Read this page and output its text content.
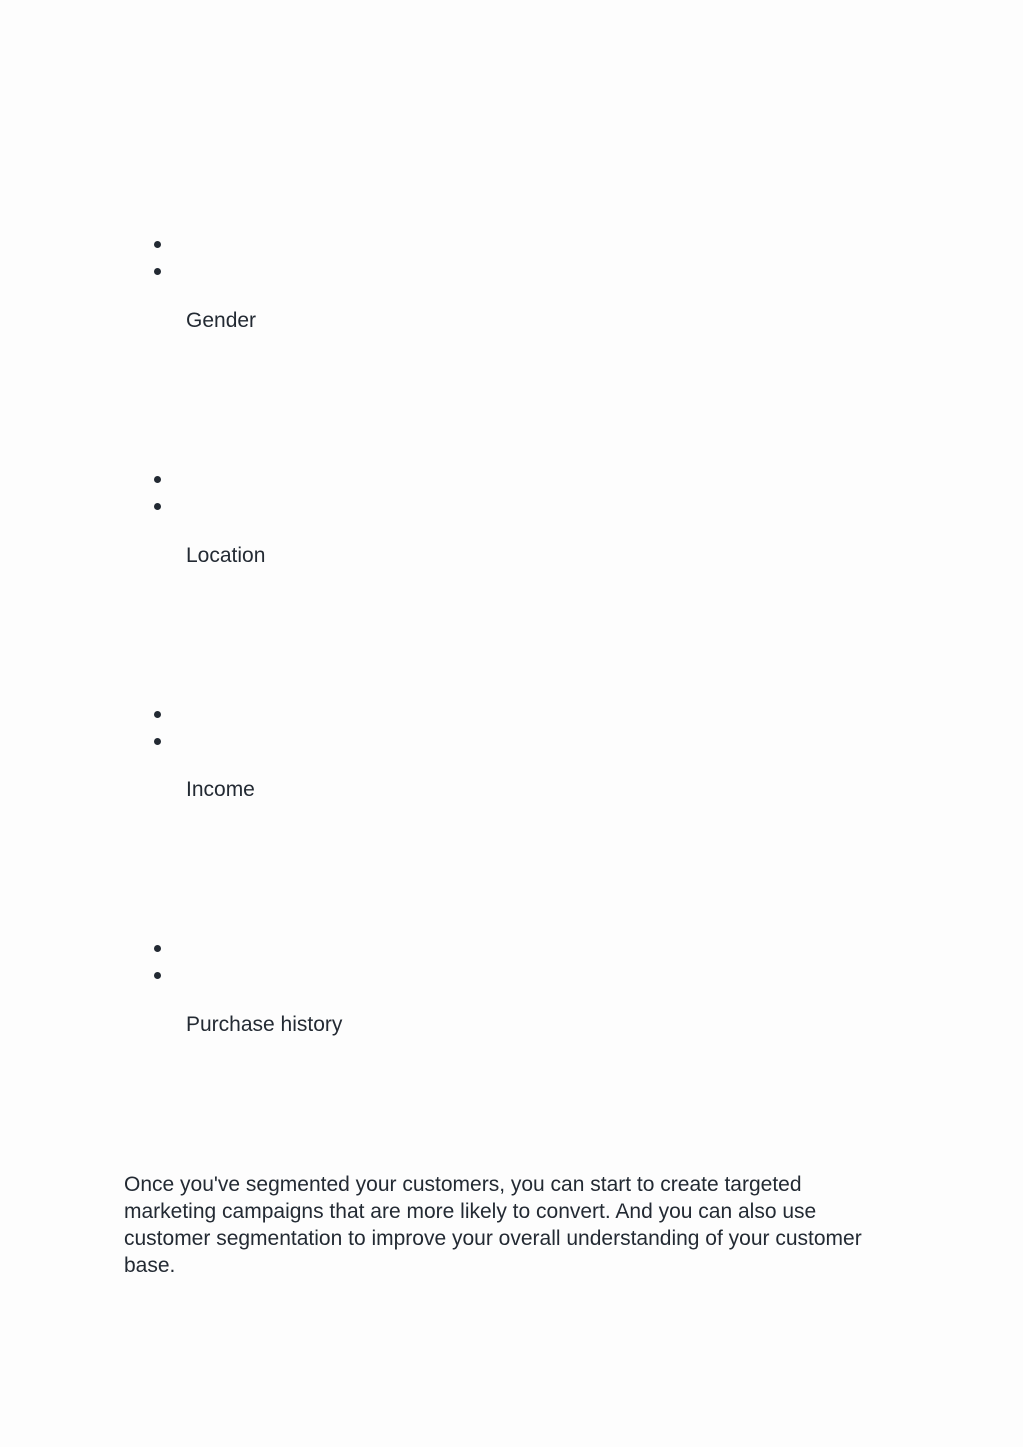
Gender
Location
Income
Purchase history

Once you've segmented your customers, you can start to create targeted marketing campaigns that are more likely to convert. And you can also use customer segmentation to improve your overall understanding of your customer base.
